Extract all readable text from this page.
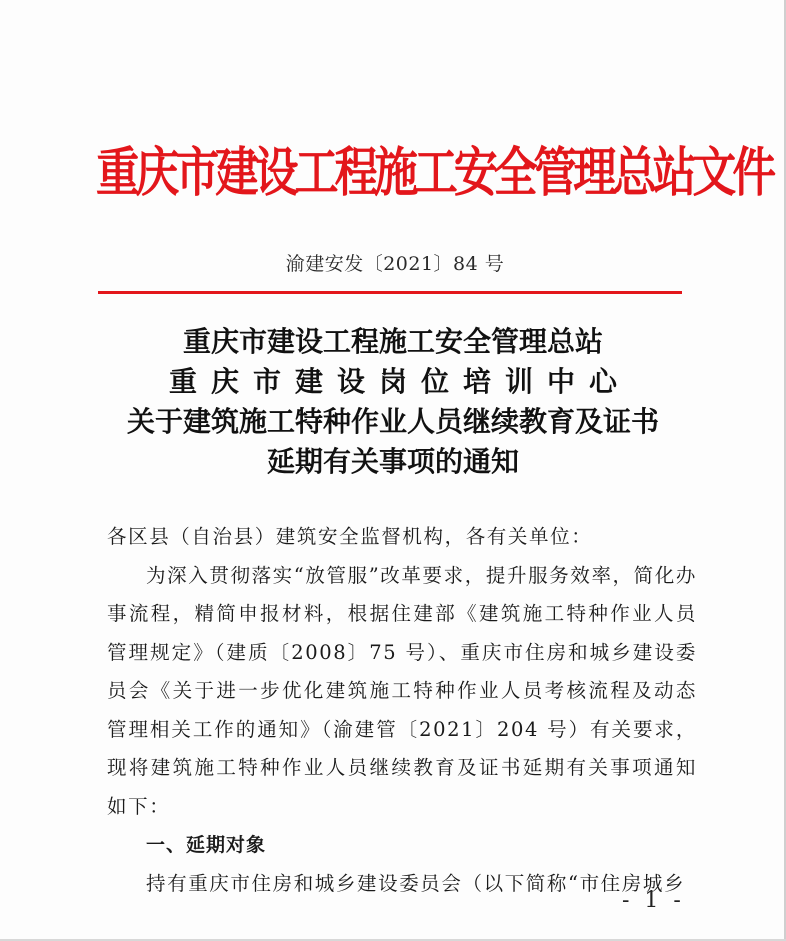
重庆市建设工程施工安全管理总站文件
渝建安发〔2021〕84 号
重庆市建设工程施工安全管理总站
重庆市建设岗位培训中心
关于建筑施工特种作业人员继续教育及证书
延期有关事项的通知

各区县（自治县）建筑安全监督机构，各有关单位：

为深入贯彻落实“放管服”改革要求，提升服务效率，简化办事流程，精简申报材料，根据住建部《建筑施工特种作业人员管理规定》（建质〔2008〕75 号）、重庆市住房和城乡建设委员会《关于进一步优化建筑施工特种作业人员考核流程及动态管理相关工作的通知》（渝建管〔2021〕204 号）有关要求，现将建筑施工特种作业人员继续教育及证书延期有关事项通知如下：

一、延期对象

持有重庆市住房和城乡建设委员会（以下简称“市住房城乡

- 1 -
